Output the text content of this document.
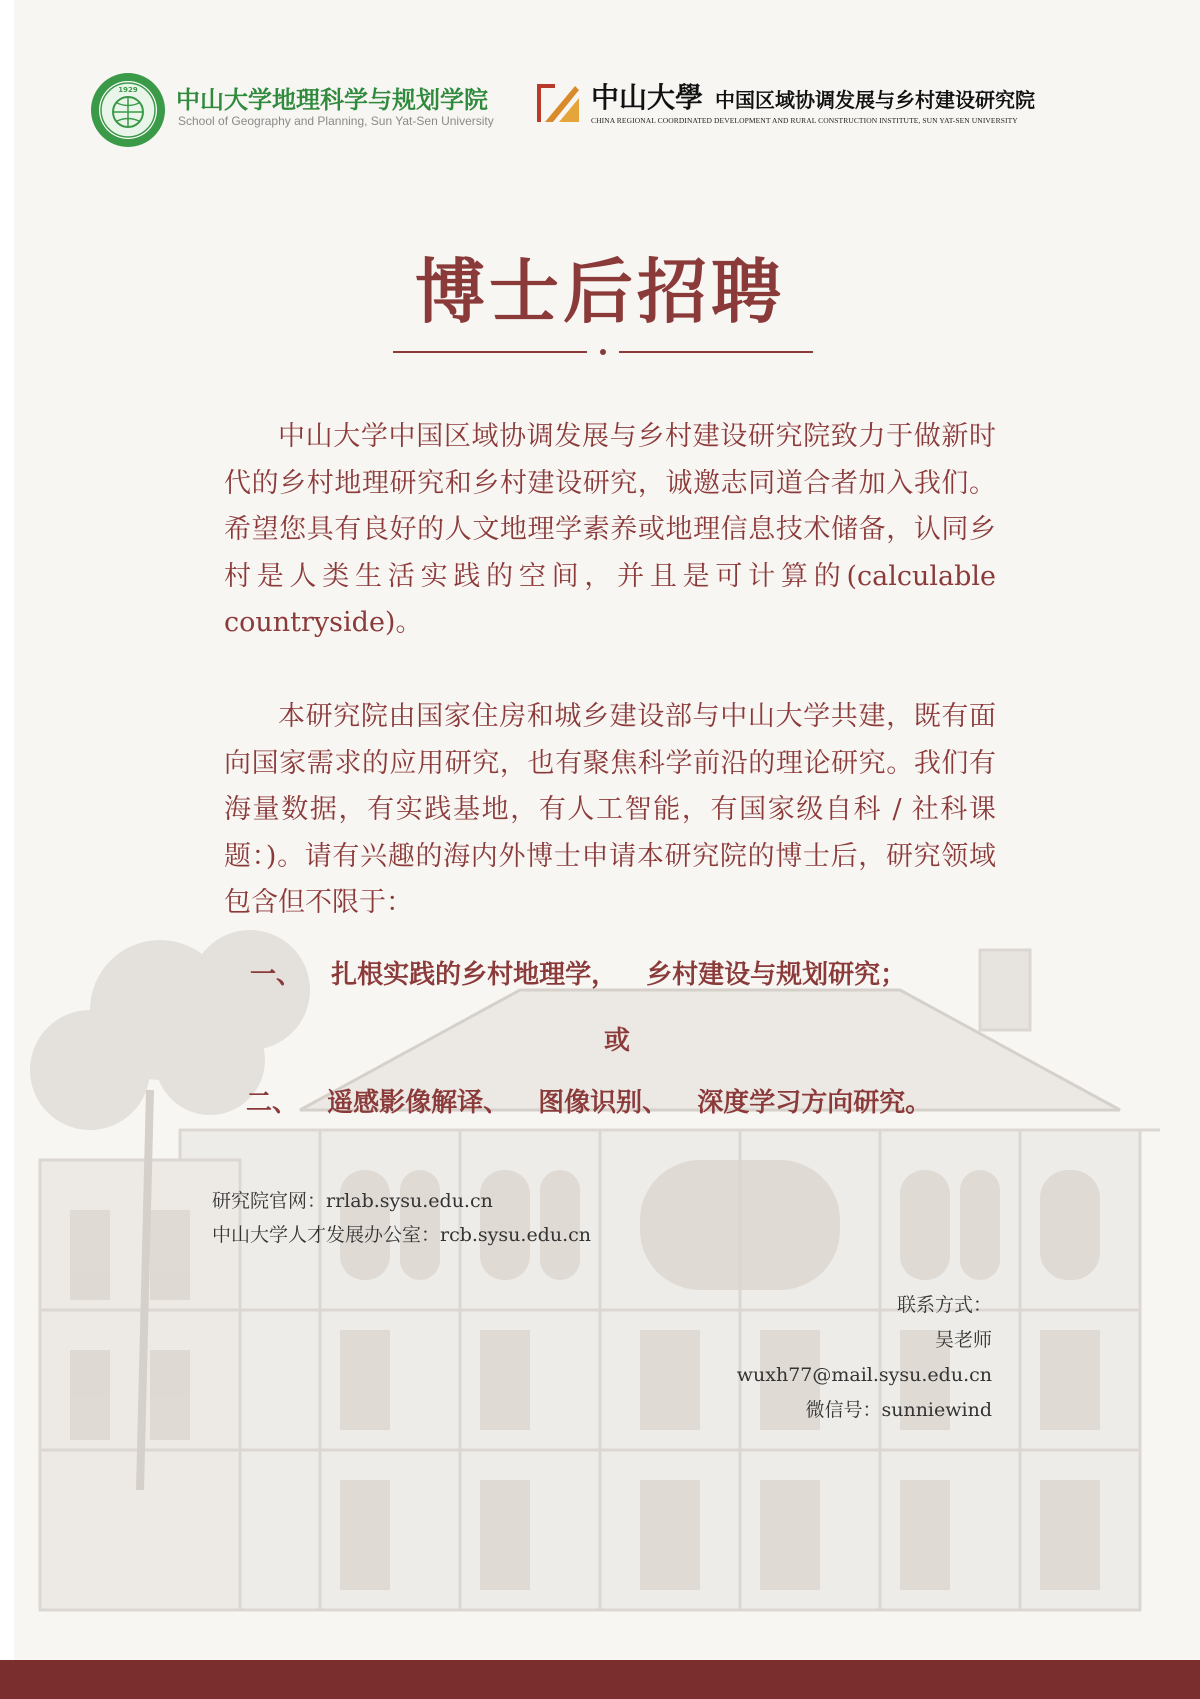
1929 中山大学地理科学与规划学院
School of Geography and Planning, Sun Yat-Sen University
中山大學 中国区域协调发展与乡村建设研究院
CHINA REGIONAL COORDINATED DEVELOPMENT AND RURAL CONSTRUCTION INSTITUTE, SUN YAT-SEN UNIVERSITY
博士后招聘

中山大学中国区域协调发展与乡村建设研究院致力于做新时代的乡村地理研究和乡村建设研究，诚邀志同道合者加入我们。希望您具有良好的人文地理学素养或地理信息技术储备，认同乡村是人类生活实践的空间，并且是可计算的(calculable countryside)。

本研究院由国家住房和城乡建设部与中山大学共建，既有面向国家需求的应用研究，也有聚焦科学前沿的理论研究。我们有海量数据，有实践基地，有人工智能，有国家级自科 / 社科课题：)。请有兴趣的海内外博士申请本研究院的博士后，研究领域包含但不限于：

一、 扎根实践的乡村地理学， 乡村建设与规划研究；
或
二、 遥感影像解译、 图像识别、 深度学习方向研究。
研究院官网：rrlab.sysu.edu.cn
中山大学人才发展办公室：rcb.sysu.edu.cn
联系方式：
吴老师
wuxh77@mail.sysu.edu.cn
微信号：sunniewind
